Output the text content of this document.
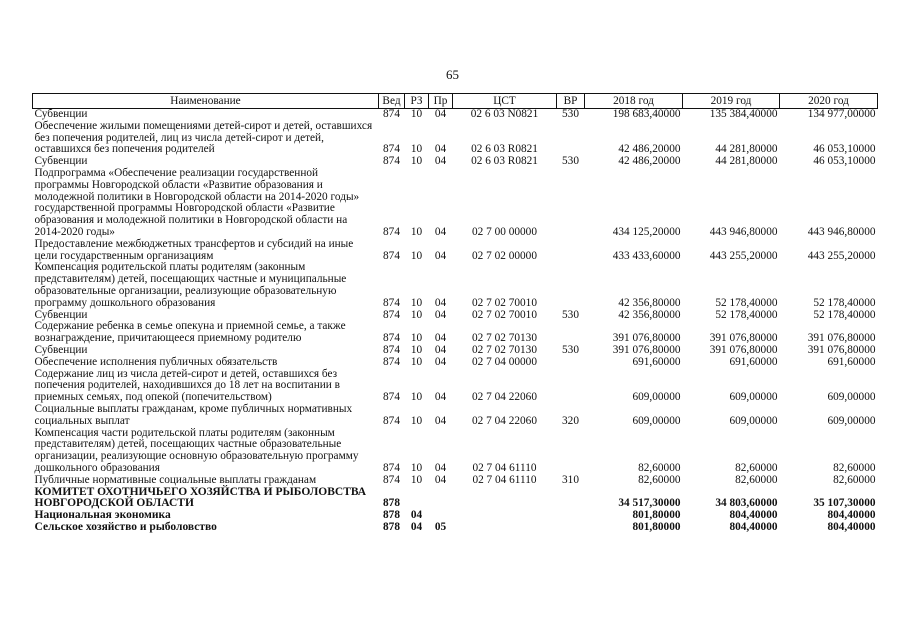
65
Наименование	Вед	РЗ	Пр	ЦСТ	ВР	2018 год	2019 год	2020 год
Субвенции	874	10	04	02 6 03 N0821	530	198 683,40000	135 384,40000	134 977,00000
Обеспечение жилыми помещениями детей-сирот и детей, оставшихся без попечения родителей, лиц из числа детей-сирот и детей, оставшихся без попечения родителей	874	10	04	02 6 03 R0821		42 486,20000	44 281,80000	46 053,10000
Субвенции	874	10	04	02 6 03 R0821	530	42 486,20000	44 281,80000	46 053,10000
Подпрограмма «Обеспечение реализации государственной программы Новгородской области «Развитие образования и молодежной политики в Новгородской области на 2014-2020 годы» государственной программы Новгородской области «Развитие образования и молодежной политики в Новгородской области на 2014-2020 годы»	874	10	04	02 7 00 00000		434 125,20000	443 946,80000	443 946,80000
Предоставление межбюджетных трансфертов и субсидий на иные цели государственным организациям	874	10	04	02 7 02 00000		433 433,60000	443 255,20000	443 255,20000
Компенсация родительской платы родителям (законным представителям) детей, посещающих частные и муниципальные образовательные организации, реализующие образовательную программу дошкольного образования	874	10	04	02 7 02 70010		42 356,80000	52 178,40000	52 178,40000
Субвенции	874	10	04	02 7 02 70010	530	42 356,80000	52 178,40000	52 178,40000
Содержание ребенка в семье опекуна и приемной семье, а также вознаграждение, причитающееся приемному родителю	874	10	04	02 7 02 70130		391 076,80000	391 076,80000	391 076,80000
Субвенции	874	10	04	02 7 02 70130	530	391 076,80000	391 076,80000	391 076,80000
Обеспечение исполнения публичных обязательств	874	10	04	02 7 04 00000		691,60000	691,60000	691,60000
Содержание лиц из числа детей-сирот и детей, оставшихся без попечения родителей, находившихся до 18 лет на воспитании в приемных семьях, под опекой (попечительством)	874	10	04	02 7 04 22060		609,00000	609,00000	609,00000
Социальные выплаты гражданам, кроме публичных нормативных социальных выплат	874	10	04	02 7 04 22060	320	609,00000	609,00000	609,00000
Компенсация части родительской платы родителям (законным представителям) детей, посещающих частные образовательные организации, реализующие основную образовательную программу дошкольного образования	874	10	04	02 7 04 61110		82,60000	82,60000	82,60000
Публичные нормативные социальные выплаты гражданам	874	10	04	02 7 04 61110	310	82,60000	82,60000	82,60000
КОМИТЕТ ОХОТНИЧЬЕГО ХОЗЯЙСТВА И РЫБОЛОВСТВА НОВГОРОДСКОЙ ОБЛАСТИ	878					34 517,30000	34 803,60000	35 107,30000
Национальная экономика	878	04				801,80000	804,40000	804,40000
Сельское хозяйство и рыболовство	878	04	05			801,80000	804,40000	804,40000
